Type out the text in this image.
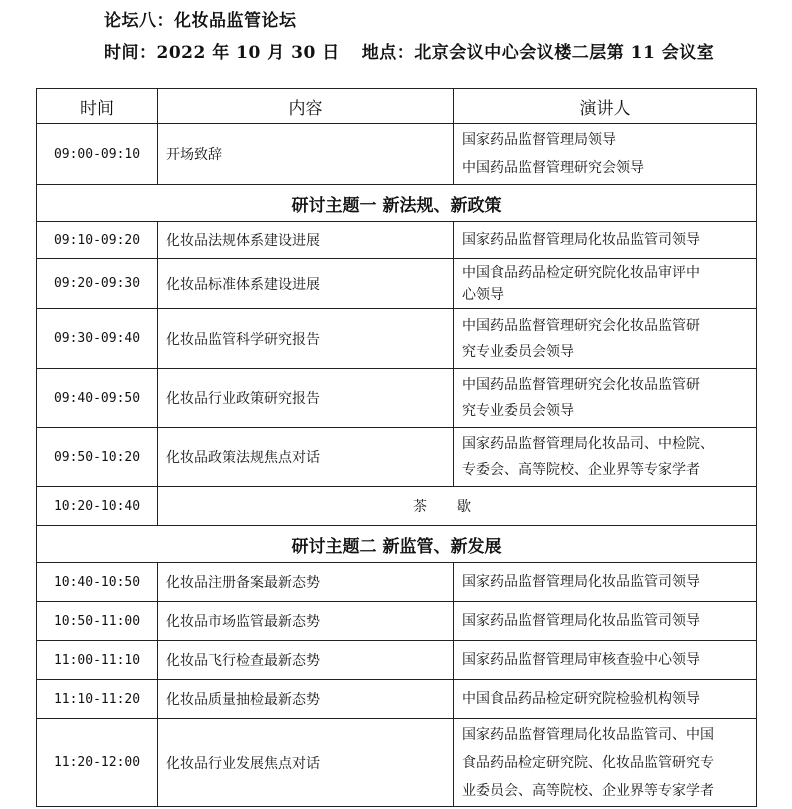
论坛八：化妆品监管论坛
时间：2022 年 10 月 30 日 地点：北京会议中心会议楼二层第 11 会议室
时间	内容	演讲人
09:00-09:10	开场致辞	国家药品监督管理局领导
中国药品监督管理研究会领导

研讨主题一 新法规、新政策		
09:10-09:20	化妆品法规体系建设进展	国家药品监督管理局化妆品监管司领导

09:20-09:30	化妆品标准体系建设进展	中国食品药品检定研究院化妆品审评中
心领导

09:30-09:40	化妆品监管科学研究报告	中国药品监督管理研究会化妆品监管研
究专业委员会领导

09:40-09:50	化妆品行业政策研究报告	中国药品监督管理研究会化妆品监管研
究专业委员会领导

09:50-10:20	化妆品政策法规焦点对话	国家药品监督管理局化妆品司、中检院、
专委会、高等院校、企业界等专家学者

10:20-10:40	茶歇	
研讨主题二 新监管、新发展		
10:40-10:50	化妆品注册备案最新态势	国家药品监督管理局化妆品监管司领导

10:50-11:00	化妆品市场监管最新态势	国家药品监督管理局化妆品监管司领导

11:00-11:10	化妆品飞行检查最新态势	国家药品监督管理局审核查验中心领导

11:10-11:20	化妆品质量抽检最新态势	中国食品药品检定研究院检验机构领导

11:20-12:00	化妆品行业发展焦点对话	国家药品监督管理局化妆品监管司、中国
食品药品检定研究院、化妆品监管研究专
业委员会、高等院校、企业界等专家学者
